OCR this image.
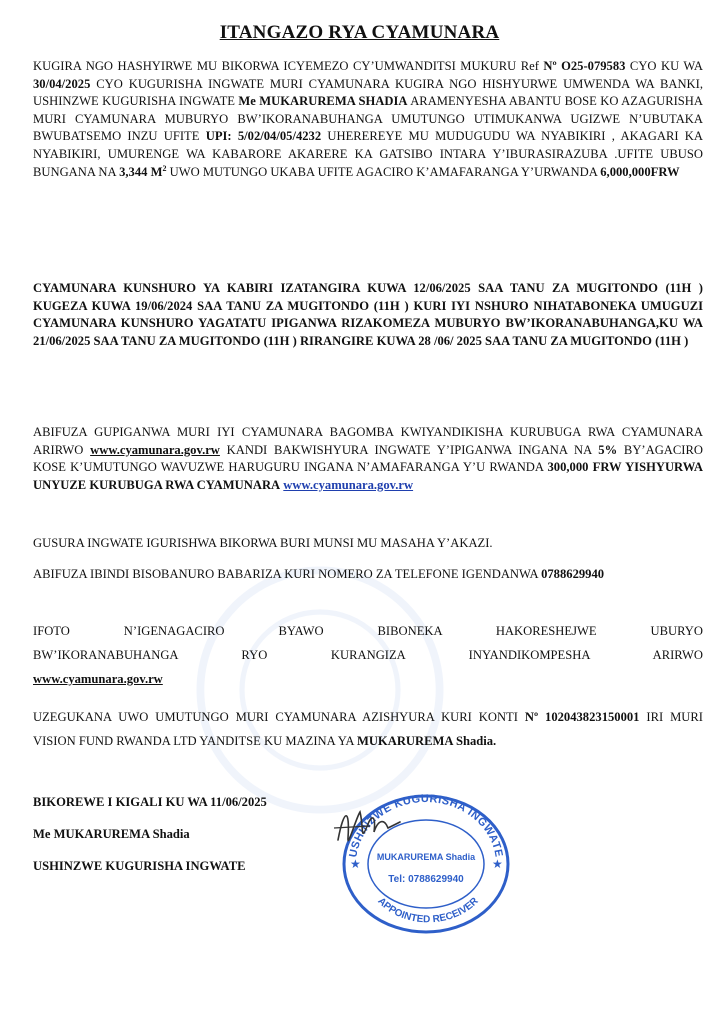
ITANGAZO RYA CYAMUNARA
KUGIRA NGO HASHYIRWE MU BIKORWA ICYEMEZO CY’UMWANDITSI MUKURU Ref Nº O25-079583 CYO KU WA 30/04/2025 CYO KUGURISHA INGWATE MURI CYAMUNARA KUGIRA NGO HISHYURWE UMWENDA WA BANKI, USHINZWE KUGURISHA INGWATE Me MUKARUREMA SHADIA ARAMENYESHA ABANTU BOSE KO AZAGURISHA MURI CYAMUNARA MUBURYO BW’IKORANABUHANGA UMUTUNGO UTIMUKANWA UGIZWE N’UBUTAKA BWUBATSEMO INZU UFITE UPI: 5/02/04/05/4232 UHEREREYE MU MUDUGUDU WA NYABIKIRI , AKAGARI KA NYABIKIRI, UMURENGE WA KABARORE AKARERE KA GATSIBO INTARA Y’IBURASIRAZUBA .UFITE UBUSO BUNGANA NA 3,344 $M^2$ UWO MUTUNGO UKABA UFITE AGACIRO K’AMAFARANGA Y’URWANDA 6,000,000FRW
CYAMUNARA KUNSHURO YA KABIRI IZATANGIRA KUWA 12/06/2025 SAA TANU ZA MUGITONDO (11H ) KUGEZA KUWA 19/06/2024 SAA TANU ZA MUGITONDO (11H ) KURI IYI NSHURO NIHATABONEKA UMUGUZI CYAMUNARA KUNSHURO YAGATATU IPIGANWA RIZAKOMEZA MUBURYO BW’IKORANABUHANGA,KU WA 21/06/2025 SAA TANU ZA MUGITONDO (11H ) RIRANGIRE KUWA 28 /06/ 2025 SAA TANU ZA MUGITONDO (11H )
ABIFUZA GUPIGANWA MURI IYI CYAMUNARA BAGOMBA KWIYANDIKISHA KURUBUGA RWA CYAMUNARA ARIRWO www.cyamunara.gov.rw KANDI BAKWISHYURA INGWATE Y’IPIGANWA INGANA NA 5% BY’AGACIRO KOSE K’UMUTUNGO WAVUZWE HARUGURU INGANA N’AMAFARANGA Y’U RWANDA 300,000 FRW YISHYURWA UNYUZE KURUBUGA RWA CYAMUNARA www.cyamunara.gov.rw
GUSURA INGWATE IGURISHWA BIKORWA BURI MUNSI MU MASAHA Y’AKAZI.
ABIFUZA IBINDI BISOBANURO BABARIZA KURI NOMERO ZA TELEFONE IGENDANWA 0788629940
IFOTO N’IGENAGACIRO BYAWO BIBONEKA HAKORESHEJWE UBURYO BW’IKORANABUHANGA RYO KURANGIZA INYANDIKOMPESHA ARIRWO
www.cyamunara.gov.rw
UZEGUKANA UWO UMUTUNGO MURI CYAMUNARA AZISHYURA KURI KONTI Nº 102043823150001 IRI MURI VISION FUND RWANDA LTD YANDITSE KU MAZINA YA MUKARUREMA Shadia.
BIKOREWE I KIGALI KU WA 11/06/2025
Me MUKARUREMA Shadia
USHINZWE KUGURISHA INGWATE
USHINZWE KUGURISHA INGWATE
MUKARUREMA Shadia
Tel: 0788629940
APPOINTED RECEIVER
★	★
